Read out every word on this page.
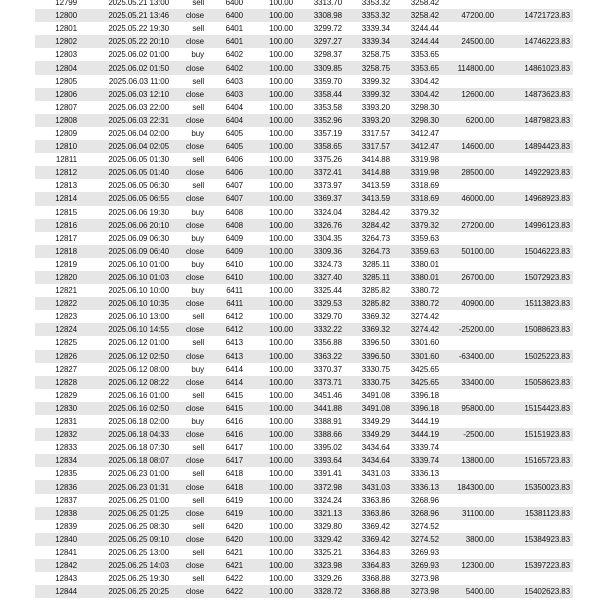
12799	2025.05.21 13:00	sell	6400	100.00	3313.70	3353.32	3258.42
12800	2025.05.21 13:46	close	6400	100.00	3308.98	3353.32	3258.42	47200.00	14721723.83
12801	2025.05.22 19:30	sell	6401	100.00	3299.72	3339.34	3244.44
12802	2025.05.22 20:10	close	6401	100.00	3297.27	3339.34	3244.44	24500.00	14746223.83
12803	2025.06.02 01:00	buy	6402	100.00	3298.37	3258.75	3353.65
12804	2025.06.02 01:50	close	6402	100.00	3309.85	3258.75	3353.65	114800.00	14861023.83
12805	2025.06.03 11:00	sell	6403	100.00	3359.70	3399.32	3304.42
12806	2025.06.03 12:10	close	6403	100.00	3358.44	3399.32	3304.42	12600.00	14873623.83
12807	2025.06.03 22:00	sell	6404	100.00	3353.58	3393.20	3298.30
12808	2025.06.03 22:31	close	6404	100.00	3352.96	3393.20	3298.30	6200.00	14879823.83
12809	2025.06.04 02:00	buy	6405	100.00	3357.19	3317.57	3412.47
12810	2025.06.04 02:05	close	6405	100.00	3358.65	3317.57	3412.47	14600.00	14894423.83
12811	2025.06.05 01:30	sell	6406	100.00	3375.26	3414.88	3319.98
12812	2025.06.05 01:40	close	6406	100.00	3372.41	3414.88	3319.98	28500.00	14922923.83
12813	2025.06.05 06:30	sell	6407	100.00	3373.97	3413.59	3318.69
12814	2025.06.05 06:55	close	6407	100.00	3369.37	3413.59	3318.69	46000.00	14968923.83
12815	2025.06.06 19:30	buy	6408	100.00	3324.04	3284.42	3379.32
12816	2025.06.06 20:10	close	6408	100.00	3326.76	3284.42	3379.32	27200.00	14996123.83
12817	2025.06.09 06:30	buy	6409	100.00	3304.35	3264.73	3359.63
12818	2025.06.09 06:40	close	6409	100.00	3309.36	3264.73	3359.63	50100.00	15046223.83
12819	2025.06.10 01:00	buy	6410	100.00	3324.73	3285.11	3380.01
12820	2025.06.10 01:03	close	6410	100.00	3327.40	3285.11	3380.01	26700.00	15072923.83
12821	2025.06.10 10:00	buy	6411	100.00	3325.44	3285.82	3380.72
12822	2025.06.10 10:35	close	6411	100.00	3329.53	3285.82	3380.72	40900.00	15113823.83
12823	2025.06.10 13:00	sell	6412	100.00	3329.70	3369.32	3274.42
12824	2025.06.10 14:55	close	6412	100.00	3332.22	3369.32	3274.42	-25200.00	15088623.83
12825	2025.06.12 01:00	sell	6413	100.00	3356.88	3396.50	3301.60
12826	2025.06.12 02:50	close	6413	100.00	3363.22	3396.50	3301.60	-63400.00	15025223.83
12827	2025.06.12 08:00	buy	6414	100.00	3370.37	3330.75	3425.65
12828	2025.06.12 08:22	close	6414	100.00	3373.71	3330.75	3425.65	33400.00	15058623.83
12829	2025.06.16 01:00	sell	6415	100.00	3451.46	3491.08	3396.18
12830	2025.06.16 02:50	close	6415	100.00	3441.88	3491.08	3396.18	95800.00	15154423.83
12831	2025.06.18 02:00	buy	6416	100.00	3388.91	3349.29	3444.19
12832	2025.06.18 04:33	close	6416	100.00	3388.66	3349.29	3444.19	-2500.00	15151923.83
12833	2025.06.18 07:30	sell	6417	100.00	3395.02	3434.64	3339.74
12834	2025.06.18 08:07	close	6417	100.00	3393.64	3434.64	3339.74	13800.00	15165723.83
12835	2025.06.23 01:00	sell	6418	100.00	3391.41	3431.03	3336.13
12836	2025.06.23 01:31	close	6418	100.00	3372.98	3431.03	3336.13	184300.00	15350023.83
12837	2025.06.25 01:00	sell	6419	100.00	3324.24	3363.86	3268.96
12838	2025.06.25 01:25	close	6419	100.00	3321.13	3363.86	3268.96	31100.00	15381123.83
12839	2025.06.25 08:30	sell	6420	100.00	3329.80	3369.42	3274.52
12840	2025.06.25 09:10	close	6420	100.00	3329.42	3369.42	3274.52	3800.00	15384923.83
12841	2025.06.25 13:00	sell	6421	100.00	3325.21	3364.83	3269.93
12842	2025.06.25 14:03	close	6421	100.00	3323.98	3364.83	3269.93	12300.00	15397223.83
12843	2025.06.25 19:30	sell	6422	100.00	3329.26	3368.88	3273.98
12844	2025.06.25 20:25	close	6422	100.00	3328.72	3368.88	3273.98	5400.00	15402623.83
